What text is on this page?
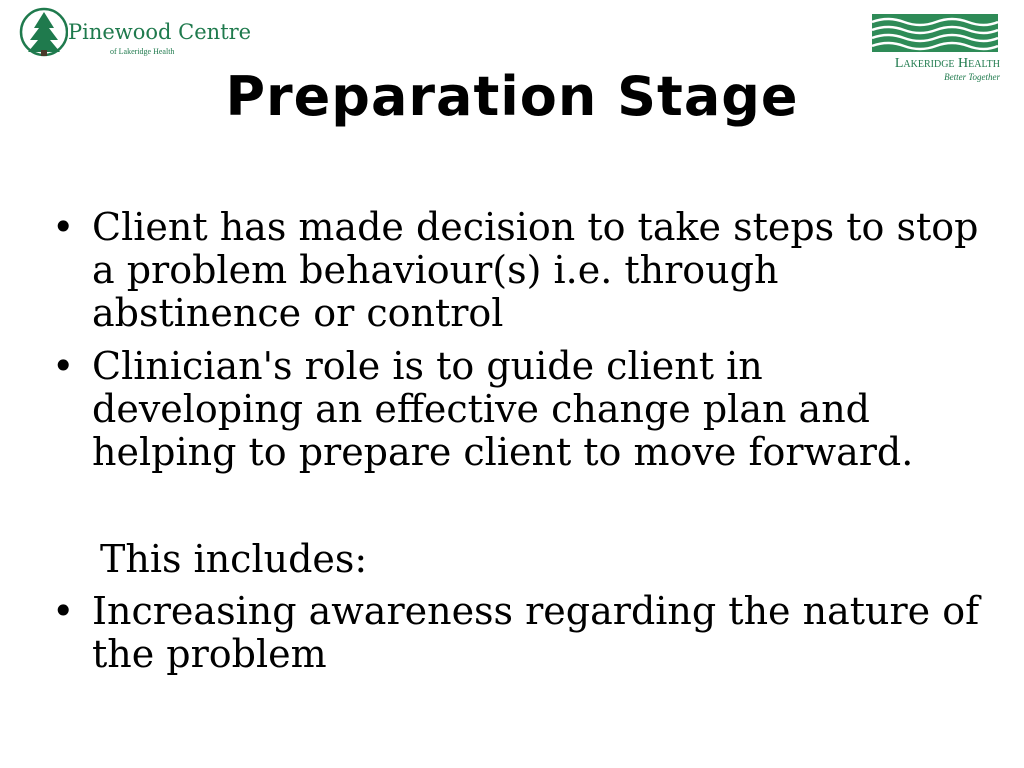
Pinewood Centre
of Lakeridge Health
Lakeridge Health
Better Together
Preparation Stage
• Client has made decision to take steps to stop a problem behaviour(s) i.e. through abstinence or control
• Clinician's role is to guide client in developing an effective change plan and helping to prepare client to move forward.
This includes:
• Increasing awareness regarding the nature of the problem
